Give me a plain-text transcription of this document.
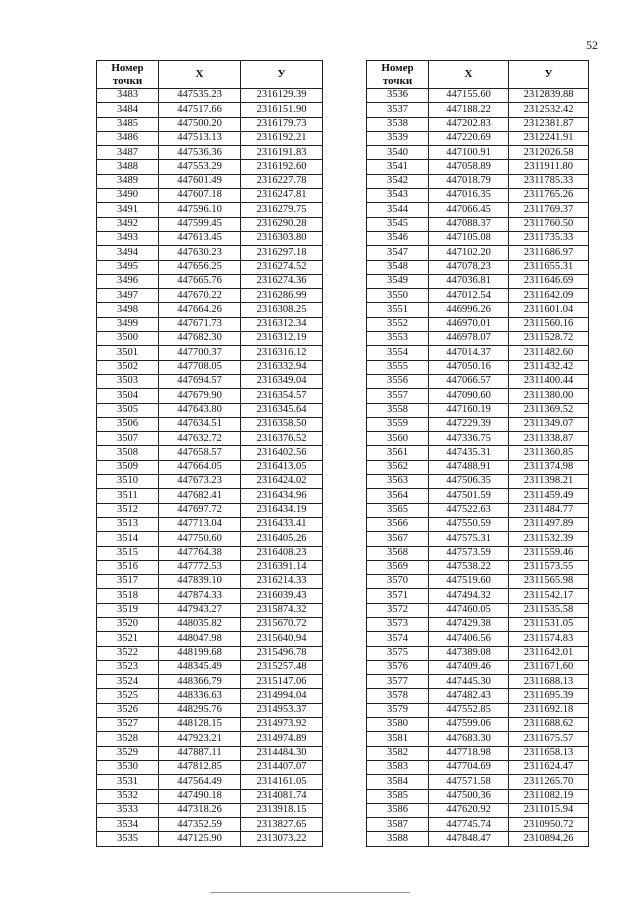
52
Номер
точки	X	У
3483	447535.23	2316129.39
3484	447517.66	2316151.90
3485	447500.20	2316179.73
3486	447513.13	2316192.21
3487	447536.36	2316191.83
3488	447553.29	2316192.60
3489	447601.49	2316227.78
3490	447607.18	2316247.81
3491	447596.10	2316279.75
3492	447599.45	2316290.28
3493	447613.45	2316303.80
3494	447630.23	2316297.18
3495	447656.25	2316274.52
3496	447665.76	2316274.36
3497	447670.22	2316286.99
3498	447664.26	2316308.25
3499	447671.73	2316312.34
3500	447682.30	2316312.19
3501	447700.37	2316316.12
3502	447708.05	2316332.94
3503	447694.57	2316349.04
3504	447679.90	2316354.57
3505	447643.80	2316345.64
3506	447634.51	2316358.50
3507	447632.72	2316376.52
3508	447658.57	2316402.56
3509	447664.05	2316413.05
3510	447673.23	2316424.02
3511	447682.41	2316434.96
3512	447697.72	2316434.19
3513	447713.04	2316433.41
3514	447750.60	2316405.26
3515	447764.38	2316408.23
3516	447772.53	2316391.14
3517	447839.10	2316214.33
3518	447874.33	2316039.43
3519	447943.27	2315874.32
3520	448035.82	2315670.72
3521	448047.98	2315640.94
3522	448199.68	2315496.78
3523	448345.49	2315257.48
3524	448366.79	2315147.06
3525	448336.63	2314994.04
3526	448295.76	2314953.37
3527	448128.15	2314973.92
3528	447923.21	2314974.89
3529	447887.11	2314484.30
3530	447812.85	2314407.07
3531	447564.49	2314161.05
3532	447490.18	2314081.74
3533	447318.26	2313918.15
3534	447352.59	2313827.65
3535	447125.90	2313073.22
Номер
точки	X	У
3536	447155.60	2312839.88
3537	447188.22	2312532.42
3538	447202.83	2312381.87
3539	447220.69	2312241.91
3540	447100.91	2312026.58
3541	447058.89	2311911.80
3542	447018.79	2311785.33
3543	447016.35	2311765.26
3544	447066.45	2311769.37
3545	447088.37	2311760.50
3546	447105.08	2311735.33
3547	447102.20	2311686.97
3548	447078.23	2311655.31
3549	447036.81	2311646.69
3550	447012.54	2311642.09
3551	446996.26	2311601.04
3552	446970.01	2311560.16
3553	446978.07	2311528.72
3554	447014.37	2311482.60
3555	447050.16	2311432.42
3556	447066.57	2311400.44
3557	447090.60	2311380.00
3558	447160.19	2311369.52
3559	447229.39	2311349.07
3560	447336.75	2311338.87
3561	447435.31	2311360.85
3562	447488.91	2311374.98
3563	447506.35	2311398.21
3564	447501.59	2311459.49
3565	447522.63	2311484.77
3566	447550.59	2311497.89
3567	447575.31	2311532.39
3568	447573.59	2311559.46
3569	447538.22	2311573.55
3570	447519.60	2311565.98
3571	447494.32	2311542.17
3572	447460.05	2311535.58
3573	447429.38	2311531.05
3574	447406.56	2311574.83
3575	447389.08	2311642.01
3576	447409.46	2311671.60
3577	447445.30	2311688.13
3578	447482.43	2311695.39
3579	447552.85	2311692.18
3580	447599.06	2311688.62
3581	447683.30	2311675.57
3582	447718.98	2311658.13
3583	447704.69	2311624.47
3584	447571.58	2311265.70
3585	447500.36	2311082.19
3586	447620.92	2311015.94
3587	447745.74	2310950.72
3588	447848.47	2310894.26
